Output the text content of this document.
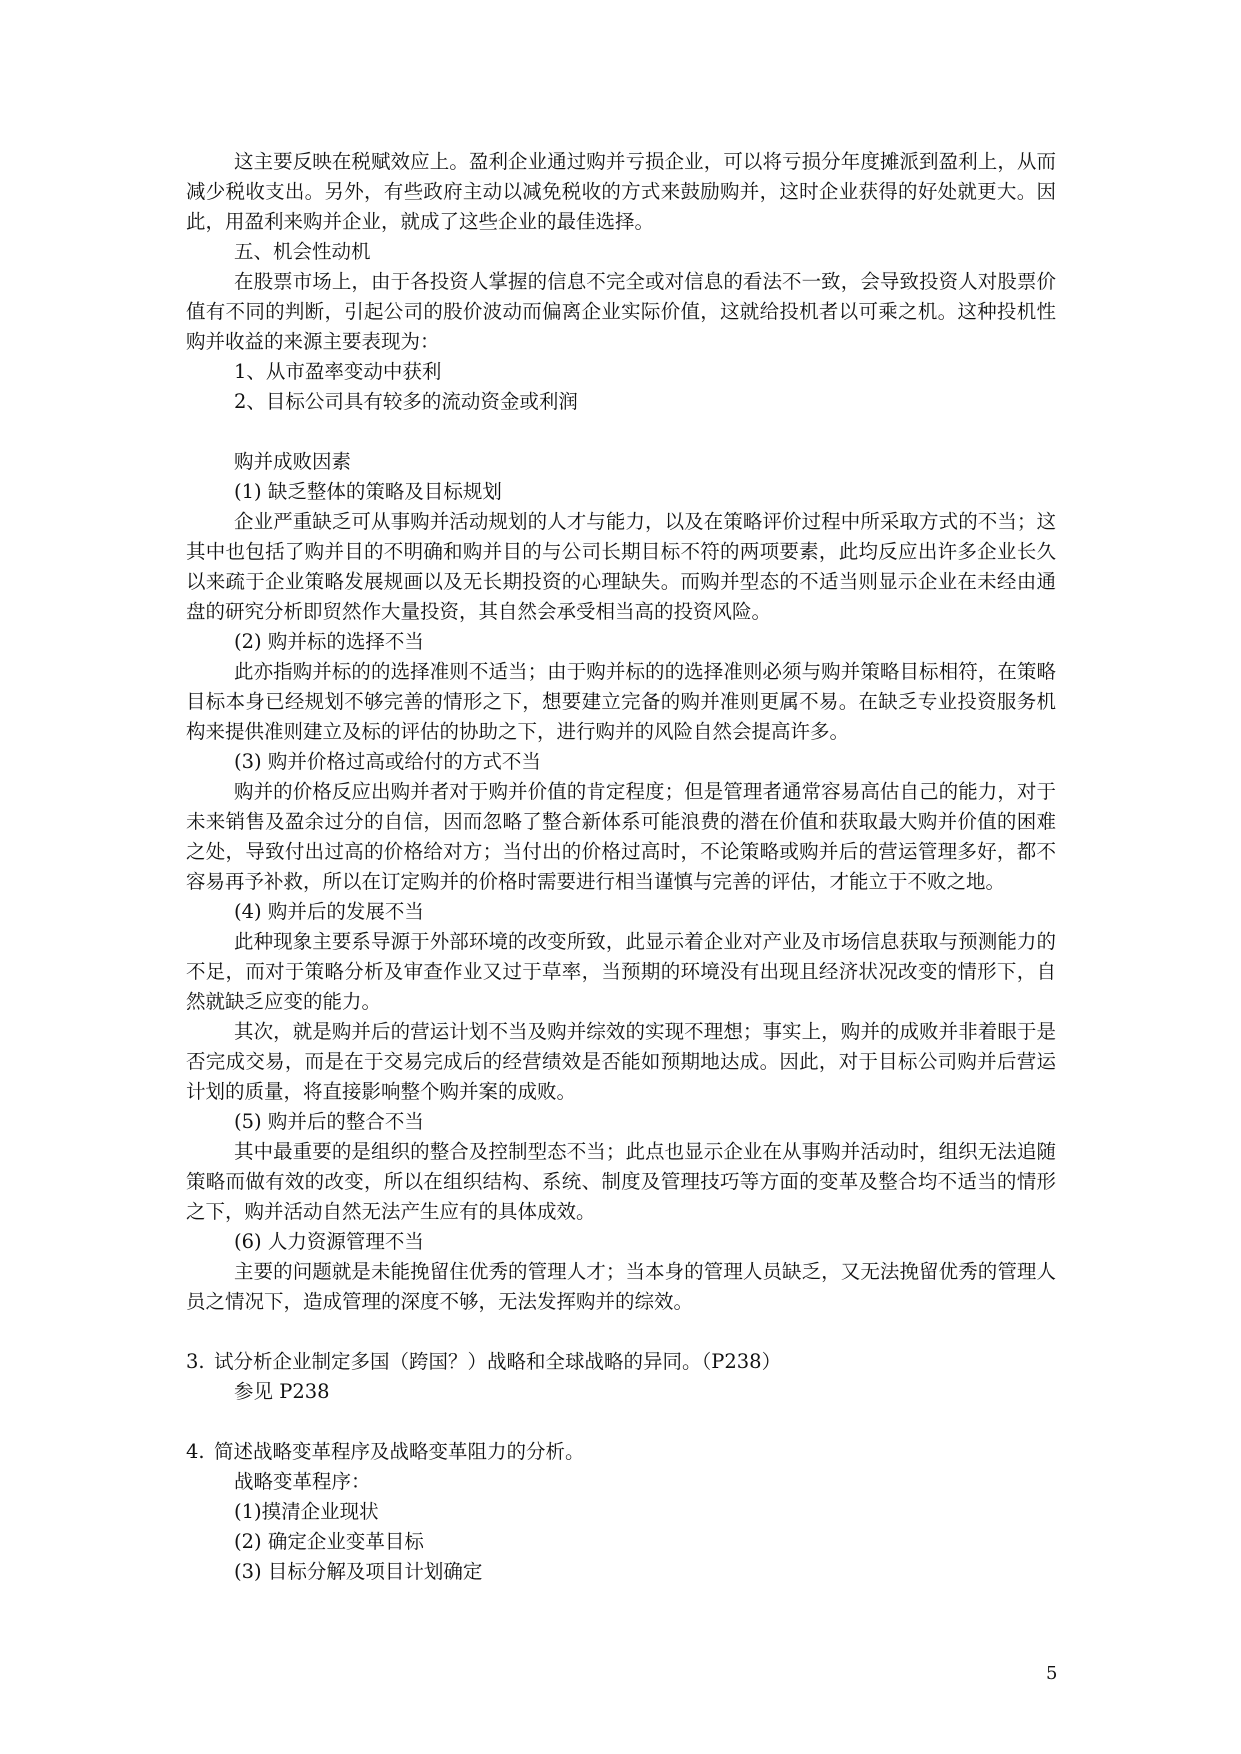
这主要反映在税赋效应上。盈利企业通过购并亏损企业，可以将亏损分年度摊派到盈利上，从而减少税收支出。另外，有些政府主动以减免税收的方式来鼓励购并，这时企业获得的好处就更大。因此，用盈利来购并企业，就成了这些企业的最佳选择。

五、机会性动机

在股票市场上，由于各投资人掌握的信息不完全或对信息的看法不一致，会导致投资人对股票价值有不同的判断，引起公司的股价波动而偏离企业实际价值，这就给投机者以可乘之机。这种投机性购并收益的来源主要表现为：

1、从市盈率变动中获利

2、目标公司具有较多的流动资金或利润

购并成败因素

(1) 缺乏整体的策略及目标规划

企业严重缺乏可从事购并活动规划的人才与能力，以及在策略评价过程中所采取方式的不当；这其中也包括了购并目的不明确和购并目的与公司长期目标不符的两项要素，此均反应出许多企业长久以来疏于企业策略发展规画以及无长期投资的心理缺失。而购并型态的不适当则显示企业在未经由通盘的研究分析即贸然作大量投资，其自然会承受相当高的投资风险。

(2) 购并标的选择不当

此亦指购并标的的选择准则不适当；由于购并标的的选择准则必须与购并策略目标相符，在策略目标本身已经规划不够完善的情形之下，想要建立完备的购并准则更属不易。在缺乏专业投资服务机构来提供准则建立及标的评估的协助之下，进行购并的风险自然会提高许多。

(3) 购并价格过高或给付的方式不当

购并的价格反应出购并者对于购并价值的肯定程度；但是管理者通常容易高估自己的能力，对于未来销售及盈余过分的自信，因而忽略了整合新体系可能浪费的潜在价值和获取最大购并价值的困难之处，导致付出过高的价格给对方；当付出的价格过高时，不论策略或购并后的营运管理多好，都不容易再予补救，所以在订定购并的价格时需要进行相当谨慎与完善的评估，才能立于不败之地。

(4) 购并后的发展不当

此种现象主要系导源于外部环境的改变所致，此显示着企业对产业及市场信息获取与预测能力的不足，而对于策略分析及审查作业又过于草率，当预期的环境没有出现且经济状况改变的情形下，自然就缺乏应变的能力。

其次，就是购并后的营运计划不当及购并综效的实现不理想；事实上，购并的成败并非着眼于是否完成交易，而是在于交易完成后的经营绩效是否能如预期地达成。因此，对于目标公司购并后营运计划的质量，将直接影响整个购并案的成败。

(5) 购并后的整合不当

其中最重要的是组织的整合及控制型态不当；此点也显示企业在从事购并活动时，组织无法追随策略而做有效的改变，所以在组织结构、系统、制度及管理技巧等方面的变革及整合均不适当的情形之下，购并活动自然无法产生应有的具体成效。

(6) 人力资源管理不当

主要的问题就是未能挽留住优秀的管理人才；当本身的管理人员缺乏，又无法挽留优秀的管理人员之情况下，造成管理的深度不够，无法发挥购并的综效。

3. 试分析企业制定多国（跨国？）战略和全球战略的异同。（P238）

参见 P238

4. 简述战略变革程序及战略变革阻力的分析。

战略变革程序：

(1)摸清企业现状

(2) 确定企业变革目标

(3) 目标分解及项目计划确定

5
